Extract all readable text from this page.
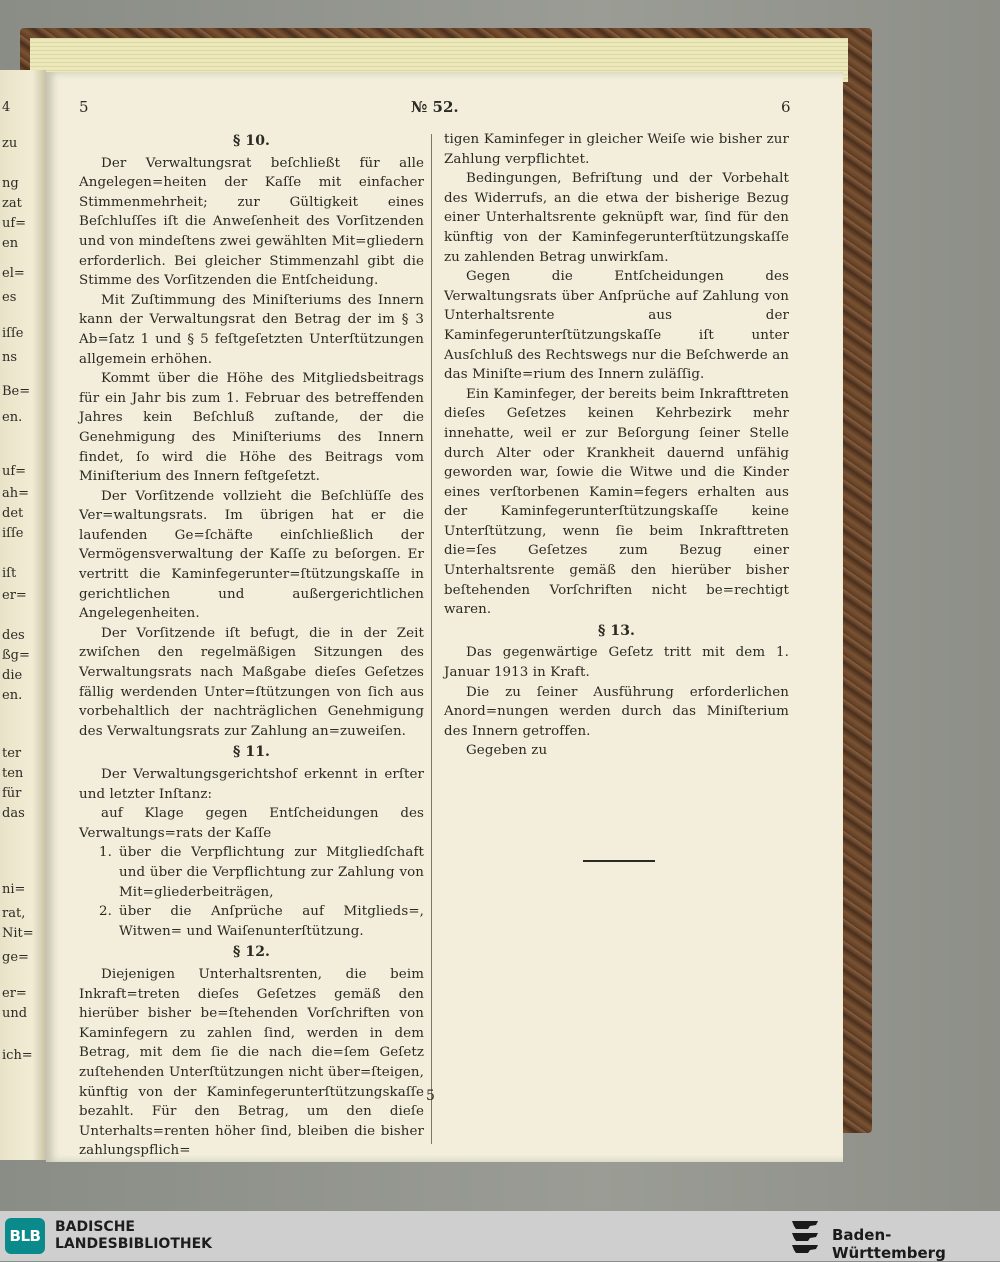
4
zu
ng
zat
uf=
en
el=
es
iſſe
ns
Be=
en.
uf=
ah=
det
iſſe
iſt
er=
des
ßg=
die
en.
ter
ten
für
das
ni=
rat,
Nit=
ge=
er=
und
ich=
5	№ 52.	6

§ 10.

Der Verwaltungsrat beſchließt für alle Angelegen=heiten der Kaſſe mit einfacher Stimmenmehrheit; zur Gültigkeit eines Beſchluſſes iſt die Anweſenheit des Vorſitzenden und von mindeſtens zwei gewählten Mit=gliedern erforderlich. Bei gleicher Stimmenzahl gibt die Stimme des Vorſitzenden die Entſcheidung.

Mit Zuſtimmung des Miniſteriums des Innern kann der Verwaltungsrat den Betrag der im § 3 Ab=ſatz 1 und § 5 feſtgeſetzten Unterſtützungen allgemein erhöhen.

Kommt über die Höhe des Mitgliedsbeitrags für ein Jahr bis zum 1. Februar des betreffenden Jahres kein Beſchluß zuſtande, der die Genehmigung des Miniſteriums des Innern findet, ſo wird die Höhe des Beitrags vom Miniſterium des Innern feſtgeſetzt.

Der Vorſitzende vollzieht die Beſchlüſſe des Ver=waltungsrats. Im übrigen hat er die laufenden Ge=ſchäfte einſchließlich der Vermögensverwaltung der Kaſſe zu beſorgen. Er vertritt die Kaminfegerunter=ſtützungskaſſe in gerichtlichen und außergerichtlichen Angelegenheiten.

Der Vorſitzende iſt befugt, die in der Zeit zwiſchen den regelmäßigen Sitzungen des Verwaltungsrats nach Maßgabe dieſes Geſetzes fällig werdenden Unter=ſtützungen von ſich aus vorbehaltlich der nachträglichen Genehmigung des Verwaltungsrats zur Zahlung an=zuweiſen.

§ 11.

Der Verwaltungsgerichtshof erkennt in erſter und letzter Inſtanz:

auf Klage gegen Entſcheidungen des Verwaltungs=rats der Kaſſe

1. über die Verpflichtung zur Mitgliedſchaft und über die Verpflichtung zur Zahlung von Mit=gliederbeiträgen,
2. über die Anſprüche auf Mitglieds=, Witwen= und Waiſenunterſtützung.

§ 12.

Diejenigen Unterhaltsrenten, die beim Inkraft=treten dieſes Geſetzes gemäß den hierüber bisher be=ſtehenden Vorſchriften von Kaminfegern zu zahlen ſind, werden in dem Betrag, mit dem ſie die nach die=ſem Geſetz zuſtehenden Unterſtützungen nicht über=ſteigen, künftig von der Kaminfegerunterſtützungskaſſe bezahlt. Für den Betrag, um den dieſe Unterhalts=renten höher ſind, bleiben die bisher zahlungspflich=

tigen Kaminfeger in gleicher Weiſe wie bisher zur Zahlung verpflichtet.

Bedingungen, Befriſtung und der Vorbehalt des Widerrufs, an die etwa der bisherige Bezug einer Unterhaltsrente geknüpft war, ſind für den künftig von der Kaminfegerunterſtützungskaſſe zu zahlenden Betrag unwirkſam.

Gegen die Entſcheidungen des Verwaltungsrats über Anſprüche auf Zahlung von Unterhaltsrente aus der Kaminfegerunterſtützungskaſſe iſt unter Ausſchluß des Rechtswegs nur die Beſchwerde an das Miniſte=rium des Innern zuläſſig.

Ein Kaminfeger, der bereits beim Inkrafttreten dieſes Geſetzes keinen Kehrbezirk mehr innehatte, weil er zur Beſorgung ſeiner Stelle durch Alter oder Krankheit dauernd unfähig geworden war, ſowie die Witwe und die Kinder eines verſtorbenen Kamin=fegers erhalten aus der Kaminfegerunterſtützungskaſſe keine Unterſtützung, wenn ſie beim Inkrafttreten die=ſes Geſetzes zum Bezug einer Unterhaltsrente gemäß den hierüber bisher beſtehenden Vorſchriften nicht be=rechtigt waren.

§ 13.

Das gegenwärtige Geſetz tritt mit dem 1. Januar 1913 in Kraft.

Die zu ſeiner Ausführung erforderlichen Anord=nungen werden durch das Miniſterium des Innern getroffen.

Gegeben zu

5
BLB	BADISCHE
LANDESBIBLIOTHEK	Baden-Württemberg
